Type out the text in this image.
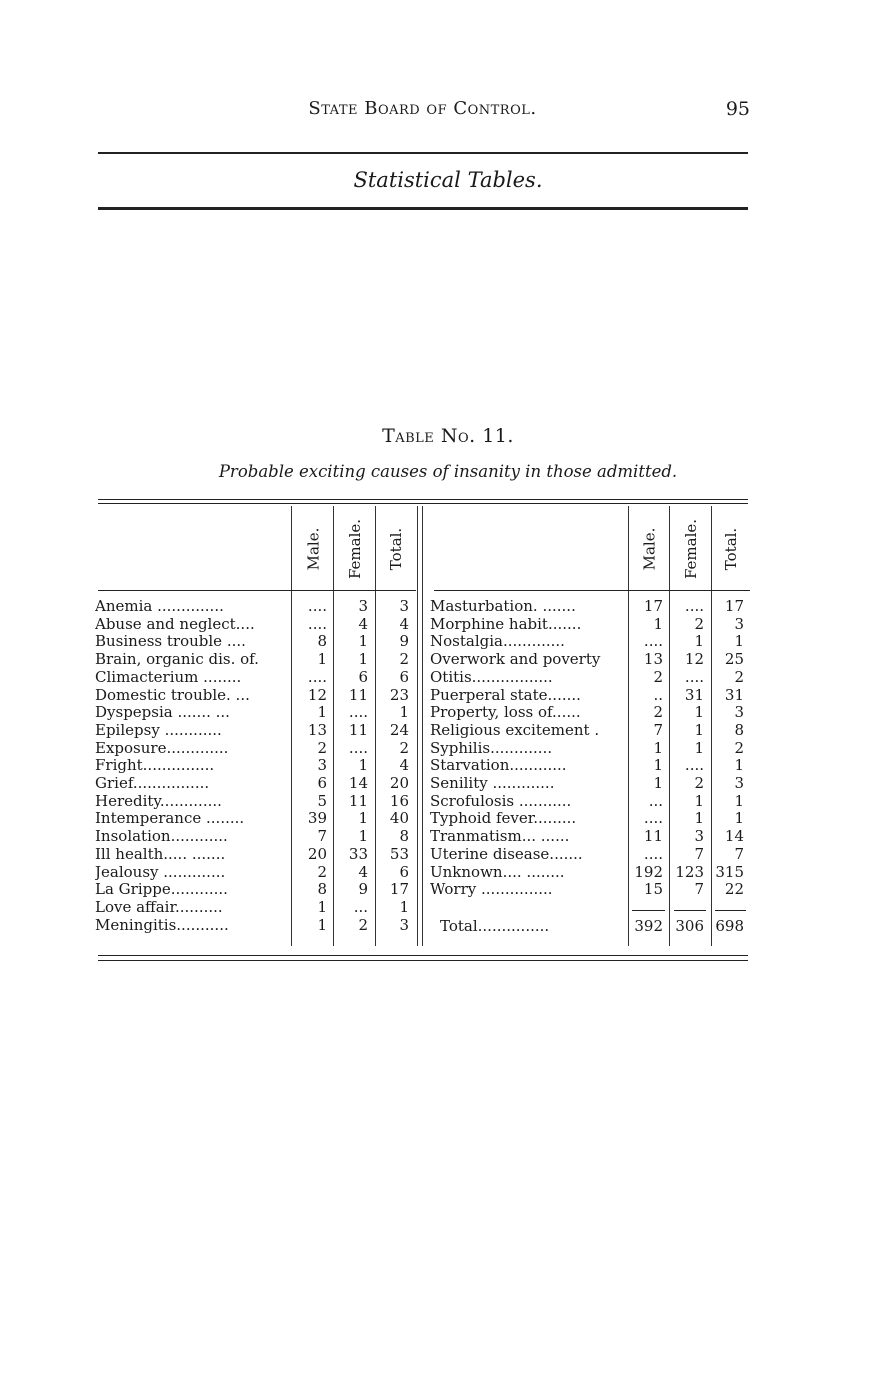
State Board of Control.	95
Statistical Tables.
Table No. 11.
Probable exciting causes of insanity in those admitted.
Male. Female. Total.	Male. Female. Total.
Anemia ..............	....	3	3
Abuse and neglect....	....	4	4
Business trouble ....	8	1	9
Brain, organic dis. of.	1	1	2
Climacterium ........	....	6	6
Domestic trouble. ...	12	11	23
Dyspepsia ....... ...	1	....	1
Epilepsy ............	13	11	24
Exposure.............	2	....	2
Fright...............	3	1	4
Grief................	6	14	20
Heredity.............	5	11	16
Intemperance ........	39	1	40
Insolation............	7	1	8
Ill health..... .......	20	33	53
Jealousy .............	2	4	6
La Grippe............	8	9	17
Love affair..........	1	...	1
Meningitis...........	1	2	3
Masturbation. .......	17	....	17
Morphine habit.......	1	2	3
Nostalgia.............	....	1	1
Overwork and poverty	13	12	25
Otitis.................	2	....	2
Puerperal state.......	..	31	31
Property, loss of......	2	1	3
Religious excitement .	7	1	8
Syphilis.............	1	1	2
Starvation............	1	....	1
Senility .............	1	2	3
Scrofulosis ...........	...	1	1
Typhoid fever.........	....	1	1
Tranmatism... ......	11	3	14
Uterine disease.......	....	7	7
Unknown.... ........	192 123 315
Worry ...............	15	7	22
Total...............	392 306 698
